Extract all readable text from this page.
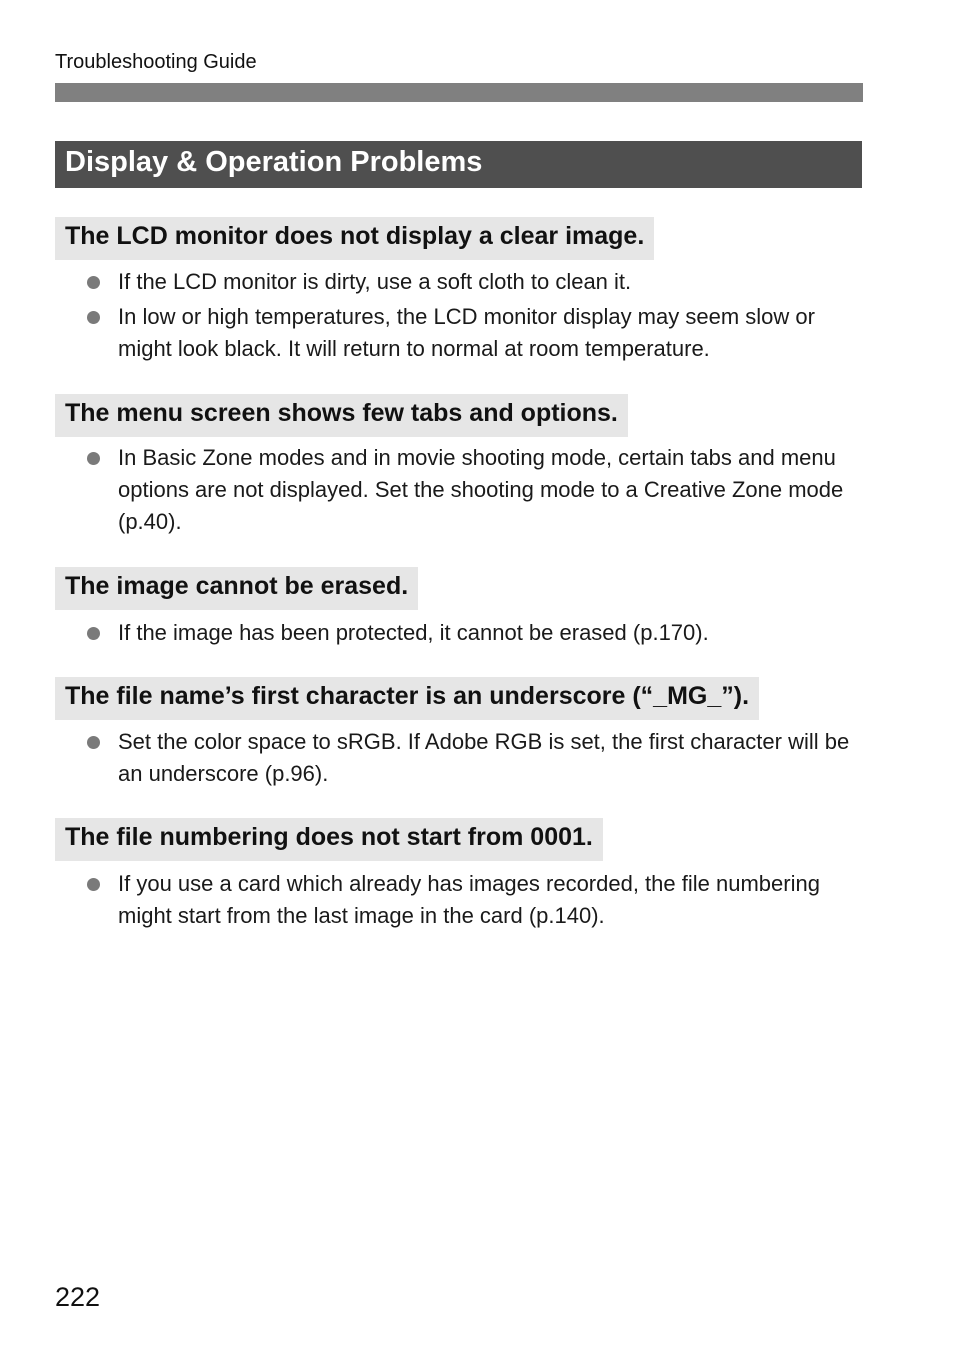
Troubleshooting Guide
Display & Operation Problems
The LCD monitor does not display a clear image.
If the LCD monitor is dirty, use a soft cloth to clean it.
In low or high temperatures, the LCD monitor display may seem slow or might look black. It will return to normal at room temperature.
The menu screen shows few tabs and options.
In Basic Zone modes and in movie shooting mode, certain tabs and menu options are not displayed. Set the shooting mode to a Creative Zone mode (p.40).
The image cannot be erased.
If the image has been protected, it cannot be erased (p.170).
The file name’s first character is an underscore (“_MG_”).
Set the color space to sRGB. If Adobe RGB is set, the first character will be an underscore (p.96).
The file numbering does not start from 0001.
If you use a card which already has images recorded, the file numbering might start from the last image in the card (p.140).
222
